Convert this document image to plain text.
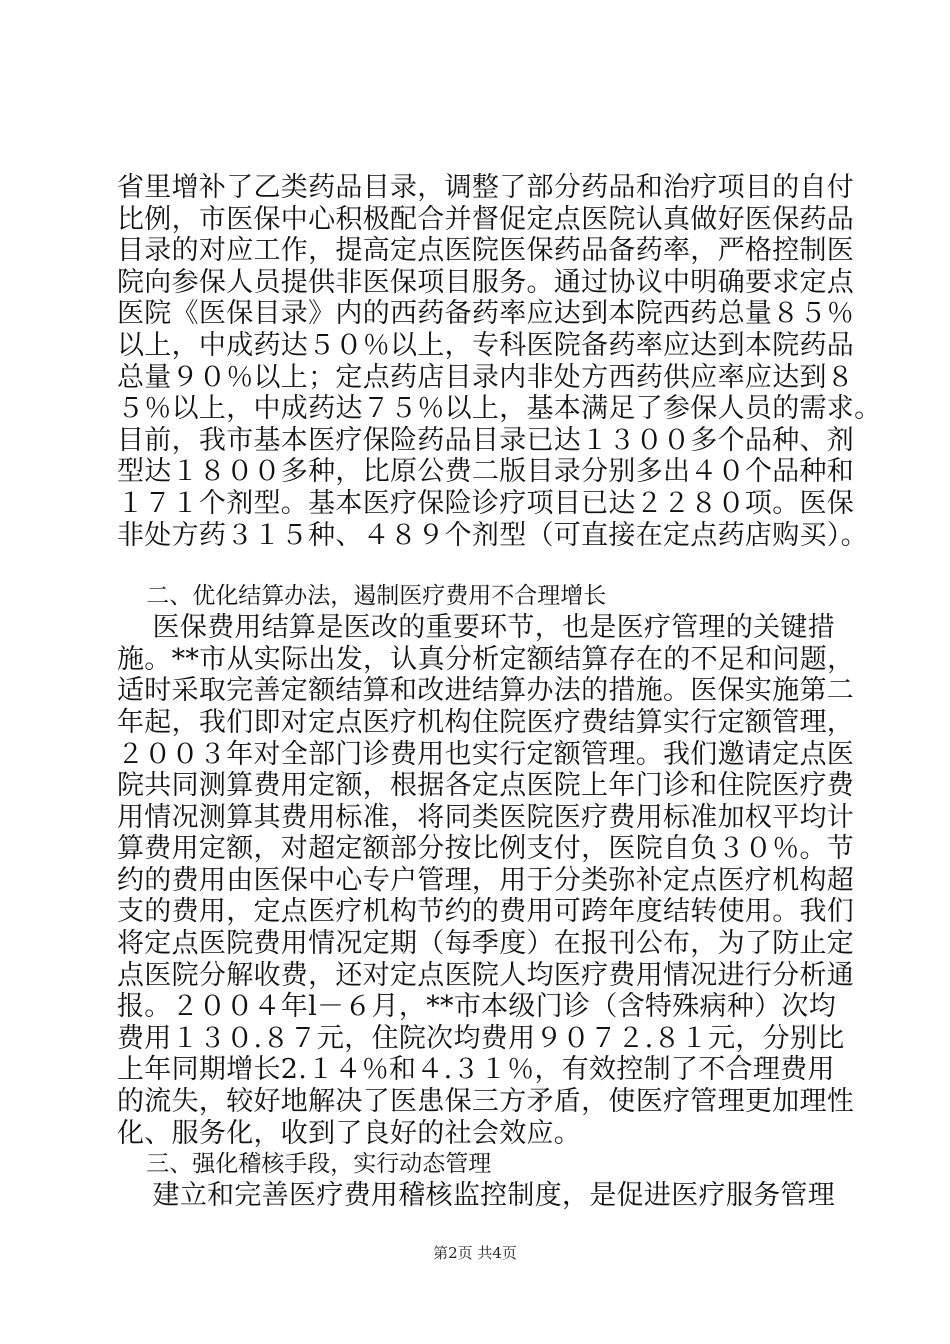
省里增补了乙类药品目录，调整了部分药品和治疗项目的自付
比例，市医保中心积极配合并督促定点医院认真做好医保药品
目录的对应工作，提高定点医院医保药品备药率，严格控制医
院向参保人员提供非医保项目服务。通过协议中明确要求定点
医院《医保目录》内的西药备药率应达到本院西药总量８５％
以上，中成药达５０％以上，专科医院备药率应达到本院药品
总量９０％以上；定点药店目录内非处方西药供应率应达到８
５％以上，中成药达７５％以上，基本满足了参保人员的需求。
目前，我市基本医疗保险药品目录已达１３００多个品种、剂
型达１８００多种，比原公费二版目录分别多出４０个品种和
１７１个剂型。基本医疗保险诊疗项目已达２２８０项。医保
非处方药３１５种、４８９个剂型（可直接在定点药店购买）。
二、优化结算办法，遏制医疗费用不合理增长
医保费用结算是医改的重要环节，也是医疗管理的关键措
施。**市从实际出发，认真分析定额结算存在的不足和问题，
适时采取完善定额结算和改进结算办法的措施。医保实施第二
年起，我们即对定点医疗机构住院医疗费结算实行定额管理，
２００３年对全部门诊费用也实行定额管理。我们邀请定点医
院共同测算费用定额，根据各定点医院上年门诊和住院医疗费
用情况测算其费用标准，将同类医院医疗费用标准加权平均计
算费用定额，对超定额部分按比例支付，医院自负３０％。节
约的费用由医保中心专户管理，用于分类弥补定点医疗机构超
支的费用，定点医疗机构节约的费用可跨年度结转使用。我们
将定点医院费用情况定期（每季度）在报刊公布，为了防止定
点医院分解收费，还对定点医院人均医疗费用情况进行分析通
报。２００４年l－６月，**市本级门诊（含特殊病种）次均
费用１３０.８７元，住院次均费用９０７２.８１元，分别比
上年同期增长2.１４％和４.３１％，有效控制了不合理费用
的流失，较好地解决了医患保三方矛盾，使医疗管理更加理性
化、服务化，收到了良好的社会效应。
三、强化稽核手段，实行动态管理
建立和完善医疗费用稽核监控制度，是促进医疗服务管理
第2页 共4页
